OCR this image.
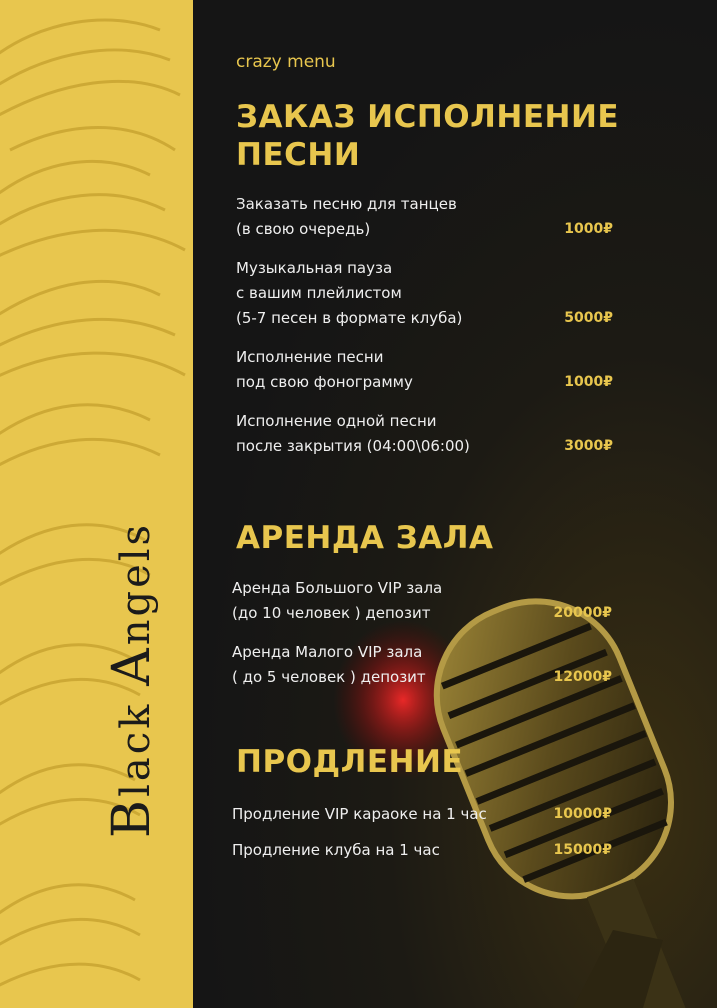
Black Angels
crazy menu
ЗАКАЗ ИСПОЛНЕНИЕ
ПЕСНИ
Заказать песню для танцев
(в свою очередь)	1000₽
Музыкальная пауза
с вашим плейлистом
(5-7 песен в формате клуба)	5000₽
Исполнение песни
под свою фонограмму	1000₽
Исполнение одной песни
после закрытия (04:00\06:00)	3000₽
АРЕНДА ЗАЛА
Аренда Большого VIP зала
(до 10 человек ) депозит	20000₽
Аренда Малого VIP зала
( до 5 человек ) депозит	12000₽
ПРОДЛЕНИЕ
Продление VIP караоке на 1 час	10000₽
Продление клуба на 1 час	15000₽
